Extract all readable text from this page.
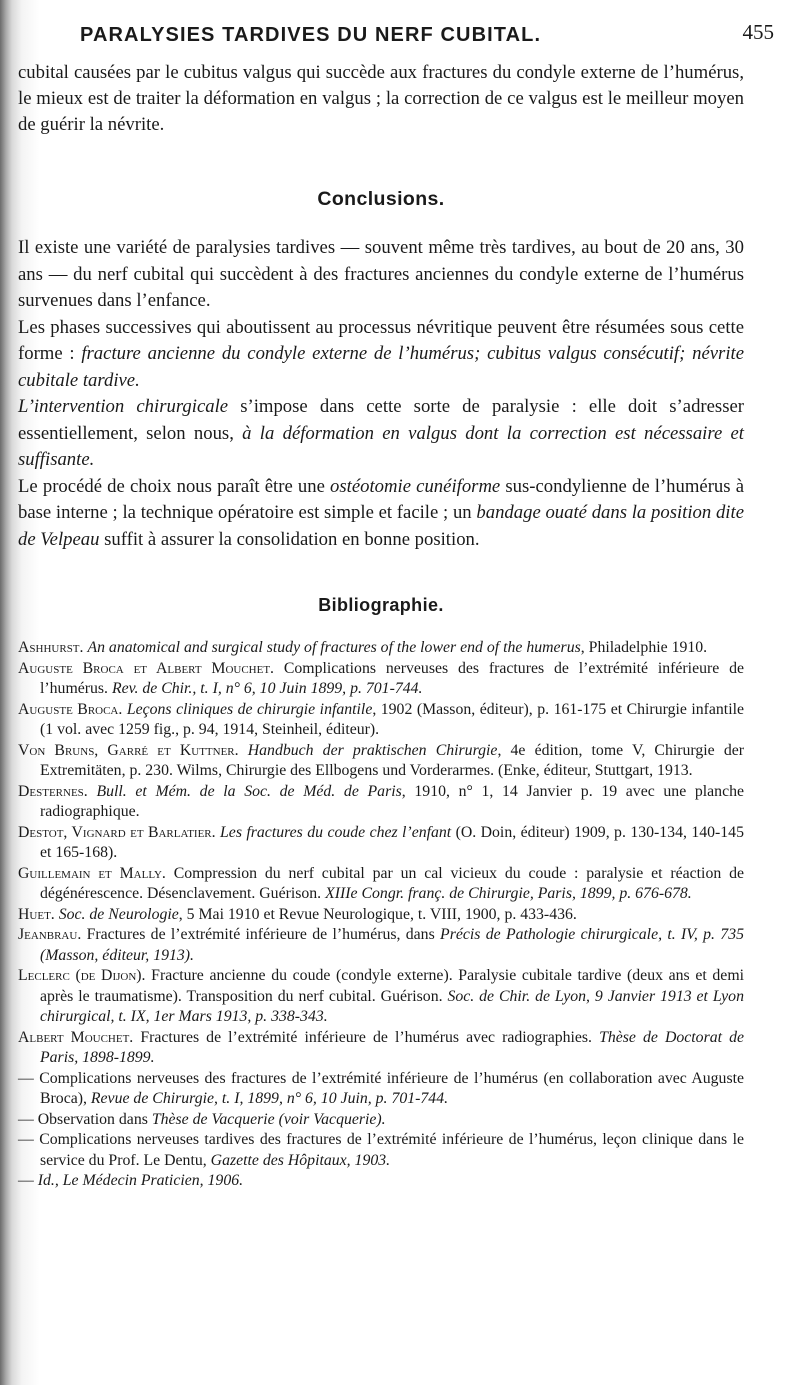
PARALYSIES TARDIVES DU NERF CUBITAL.	455

cubital causées par le cubitus valgus qui succède aux fractures du condyle externe de l’humérus, le mieux est de traiter la déformation en valgus ; la correction de ce valgus est le meilleur moyen de guérir la névrite.

Conclusions.

Il existe une variété de paralysies tardives — souvent même très tardives, au bout de 20 ans, 30 ans — du nerf cubital qui succèdent à des fractures anciennes du condyle externe de l’humérus survenues dans l’enfance.

Les phases successives qui aboutissent au processus névritique peuvent être résumées sous cette forme : fracture ancienne du condyle externe de l’humérus; cubitus valgus consécutif; névrite cubitale tardive.

L’intervention chirurgicale s’impose dans cette sorte de paralysie : elle doit s’adresser essentiellement, selon nous, à la déformation en valgus dont la correction est nécessaire et suffisante.

Le procédé de choix nous paraît être une ostéotomie cunéiforme sus-condylienne de l’humérus à base interne ; la technique opératoire est simple et facile ; un bandage ouaté dans la position dite de Velpeau suffit à assurer la consolidation en bonne position.

Bibliographie.
Ashhurst. An anatomical and surgical study of fractures of the lower end of the humerus, Philadelphie 1910.
Auguste Broca et Albert Mouchet. Complications nerveuses des fractures de l’extrémité inférieure de l’humérus. Rev. de Chir., t. I, n° 6, 10 Juin 1899, p. 701-744.
Auguste Broca. Leçons cliniques de chirurgie infantile, 1902 (Masson, éditeur), p. 161-175 et Chirurgie infantile (1 vol. avec 1259 fig., p. 94, 1914, Steinheil, éditeur).
Von Bruns, Garré et Kuttner. Handbuch der praktischen Chirurgie, 4e édition, tome V, Chirurgie der Extremitäten, p. 230. Wilms, Chirurgie des Ellbogens und Vorderarmes. (Enke, éditeur, Stuttgart, 1913.
Desternes. Bull. et Mém. de la Soc. de Méd. de Paris, 1910, n° 1, 14 Janvier p. 19 avec une planche radiographique.
Destot, Vignard et Barlatier. Les fractures du coude chez l’enfant (O. Doin, éditeur) 1909, p. 130-134, 140-145 et 165-168).
Guillemain et Mally. Compression du nerf cubital par un cal vicieux du coude : paralysie et réaction de dégénérescence. Désenclavement. Guérison. XIIIe Congr. franç. de Chirurgie, Paris, 1899, p. 676-678.
Huet. Soc. de Neurologie, 5 Mai 1910 et Revue Neurologique, t. VIII, 1900, p. 433-436.
Jeanbrau. Fractures de l’extrémité inférieure de l’humérus, dans Précis de Pathologie chirurgicale, t. IV, p. 735 (Masson, éditeur, 1913).
Leclerc (de Dijon). Fracture ancienne du coude (condyle externe). Paralysie cubitale tardive (deux ans et demi après le traumatisme). Transposition du nerf cubital. Guérison. Soc. de Chir. de Lyon, 9 Janvier 1913 et Lyon chirurgical, t. IX, 1er Mars 1913, p. 338-343.
Albert Mouchet. Fractures de l’extrémité inférieure de l’humérus avec radiographies. Thèse de Doctorat de Paris, 1898-1899.
— Complications nerveuses des fractures de l’extrémité inférieure de l’humérus (en collaboration avec Auguste Broca), Revue de Chirurgie, t. I, 1899, n° 6, 10 Juin, p. 701-744.
— Observation dans Thèse de Vacquerie (voir Vacquerie).
— Complications nerveuses tardives des fractures de l’extrémité inférieure de l’humérus, leçon clinique dans le service du Prof. Le Dentu, Gazette des Hôpitaux, 1903.
— Id., Le Médecin Praticien, 1906.
